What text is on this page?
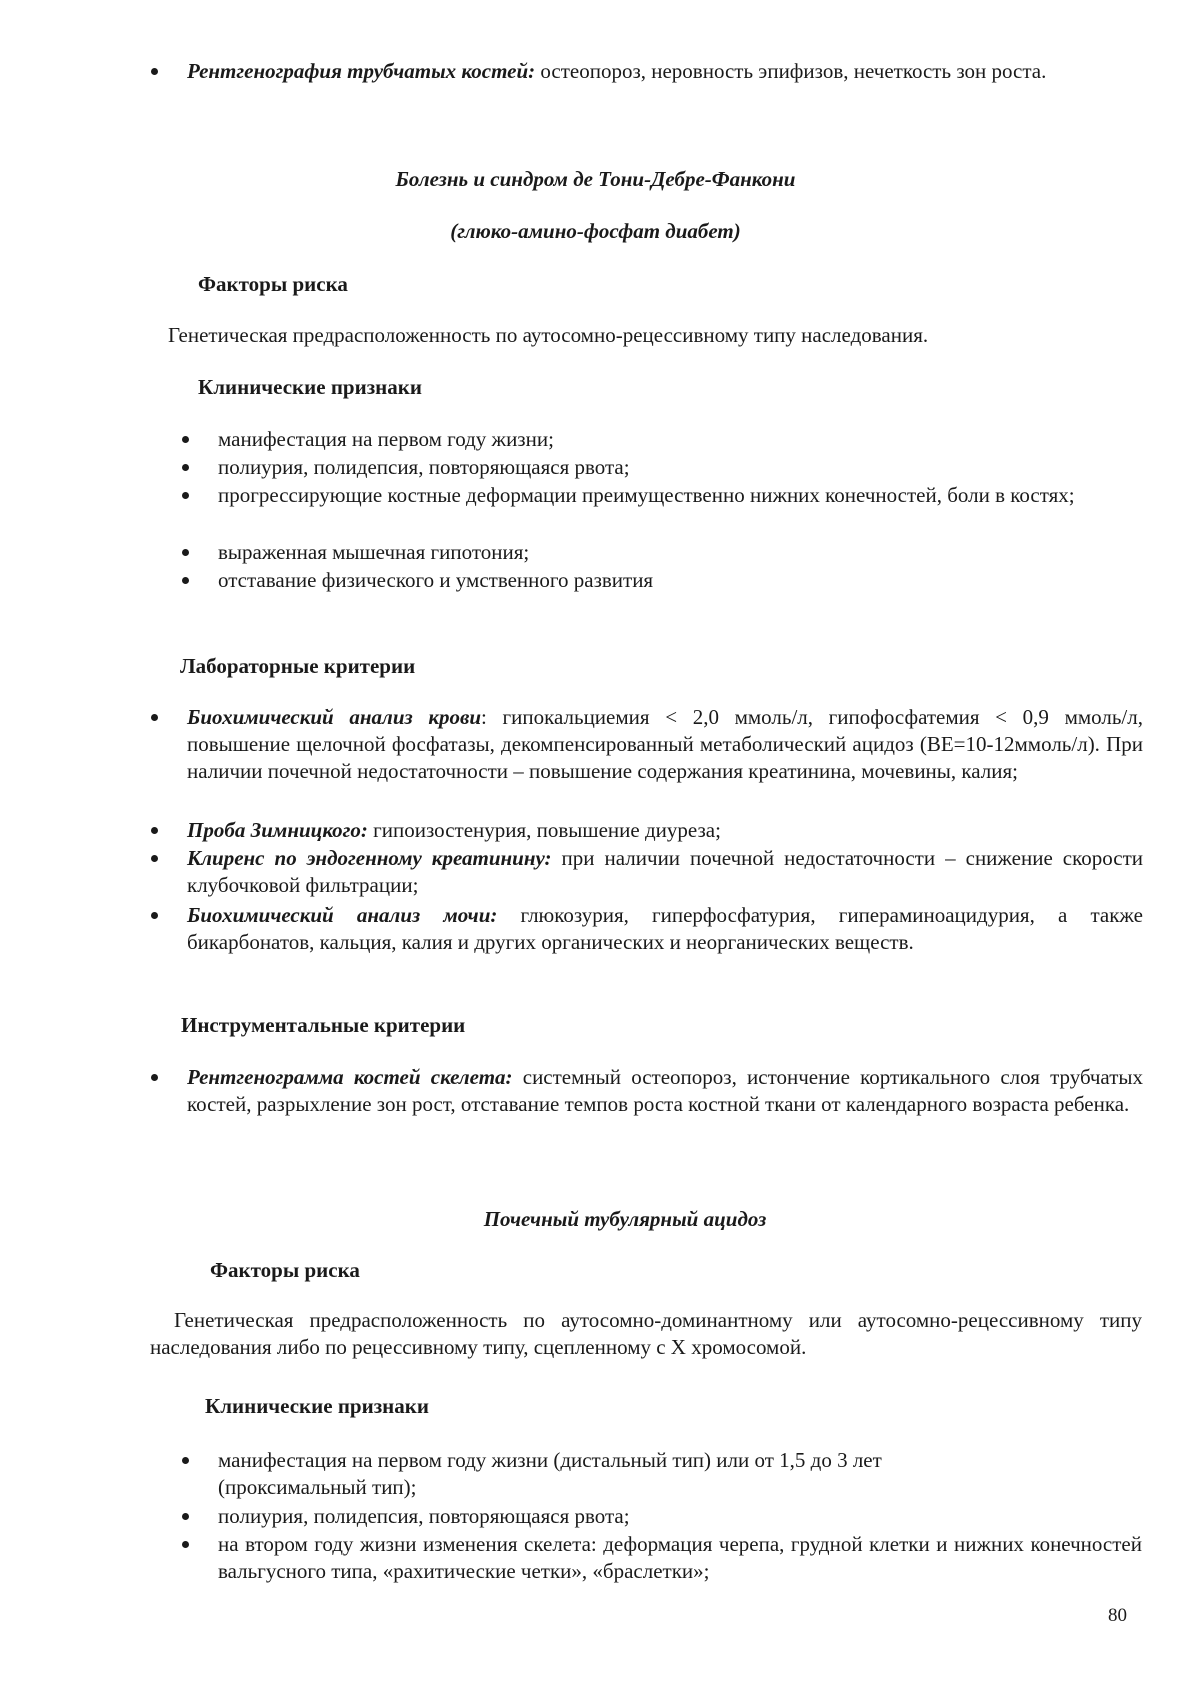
Рентгенография трубчатых костей: остеопороз, неровность эпифизов, нечеткость зон роста.
Болезнь и синдром де Тони-Дебре-Фанкони
(глюко-амино-фосфат диабет)
Факторы риска
Генетическая предрасположенность по аутосомно-рецессивному типу наследования.
Клинические признаки
манифестация на первом году жизни;
полиурия, полидепсия, повторяющаяся рвота;
прогрессирующие костные деформации преимущественно нижних конечностей, боли в костях;
выраженная мышечная гипотония;
отставание физического и умственного развития
Лабораторные критерии
Биохимический анализ крови: гипокальциемия < 2,0 ммоль/л, гипофосфатемия < 0,9 ммоль/л, повышение щелочной фосфатазы, декомпенсированный метаболический ацидоз (ВЕ=10-12ммоль/л). При наличии почечной недостаточности – повышение содержания креатинина, мочевины, калия;
Проба Зимницкого: гипоизостенурия, повышение диуреза;
Клиренс по эндогенному креатинину: при наличии почечной недостаточности – снижение скорости клубочковой фильтрации;
Биохимический анализ мочи: глюкозурия, гиперфосфатурия, гипераминоацидурия, а также бикарбонатов, кальция, калия и других органических и неорганических веществ.
Инструментальные критерии
Рентгенограмма костей скелета: системный остеопороз, истончение кортикального слоя трубчатых костей, разрыхление зон рост, отставание темпов роста костной ткани от календарного возраста ребенка.
Почечный тубулярный ацидоз
Факторы риска
Генетическая предрасположенность по аутосомно-доминантному или аутосомно-рецессивному типу наследования либо по рецессивному типу, сцепленному с Х хромосомой.
Клинические признаки
манифестация на первом году жизни (дистальный тип) или от 1,5 до 3 лет (проксимальный тип);
полиурия, полидепсия, повторяющаяся рвота;
на втором году жизни изменения скелета: деформация черепа, грудной клетки и нижних конечностей вальгусного типа, «рахитические четки», «браслетки»;
80
